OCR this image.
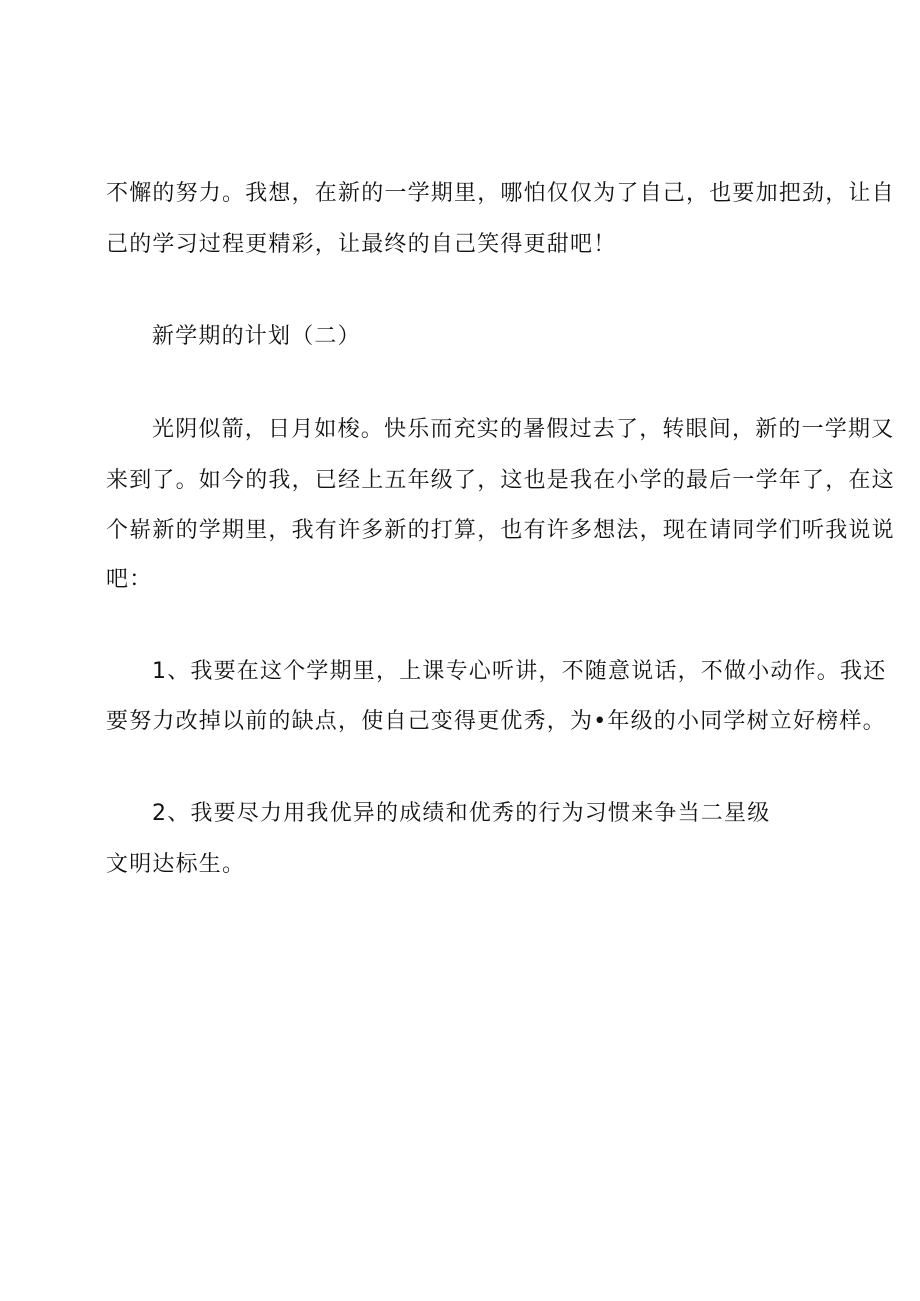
不懈的努力。我想，在新的一学期里，哪怕仅仅为了自己，也要加把劲，让自
己的学习过程更精彩，让最终的自己笑得更甜吧！
新学期的计划（二）
光阴似箭，日月如梭。快乐而充实的暑假过去了，转眼间，新的一学期又
来到了。如今的我，已经上五年级了，这也是我在小学的最后一学年了，在这
个崭新的学期里，我有许多新的打算，也有许多想法，现在请同学们听我说说
吧：
1、我要在这个学期里，上课专心听讲，不随意说话，不做小动作。我还
要努力改掉以前的缺点，使自己变得更优秀，为•年级的小同学树立好榜样。
2、我要尽力用我优异的成绩和优秀的行为习惯来争当二星级
文明达标生。
